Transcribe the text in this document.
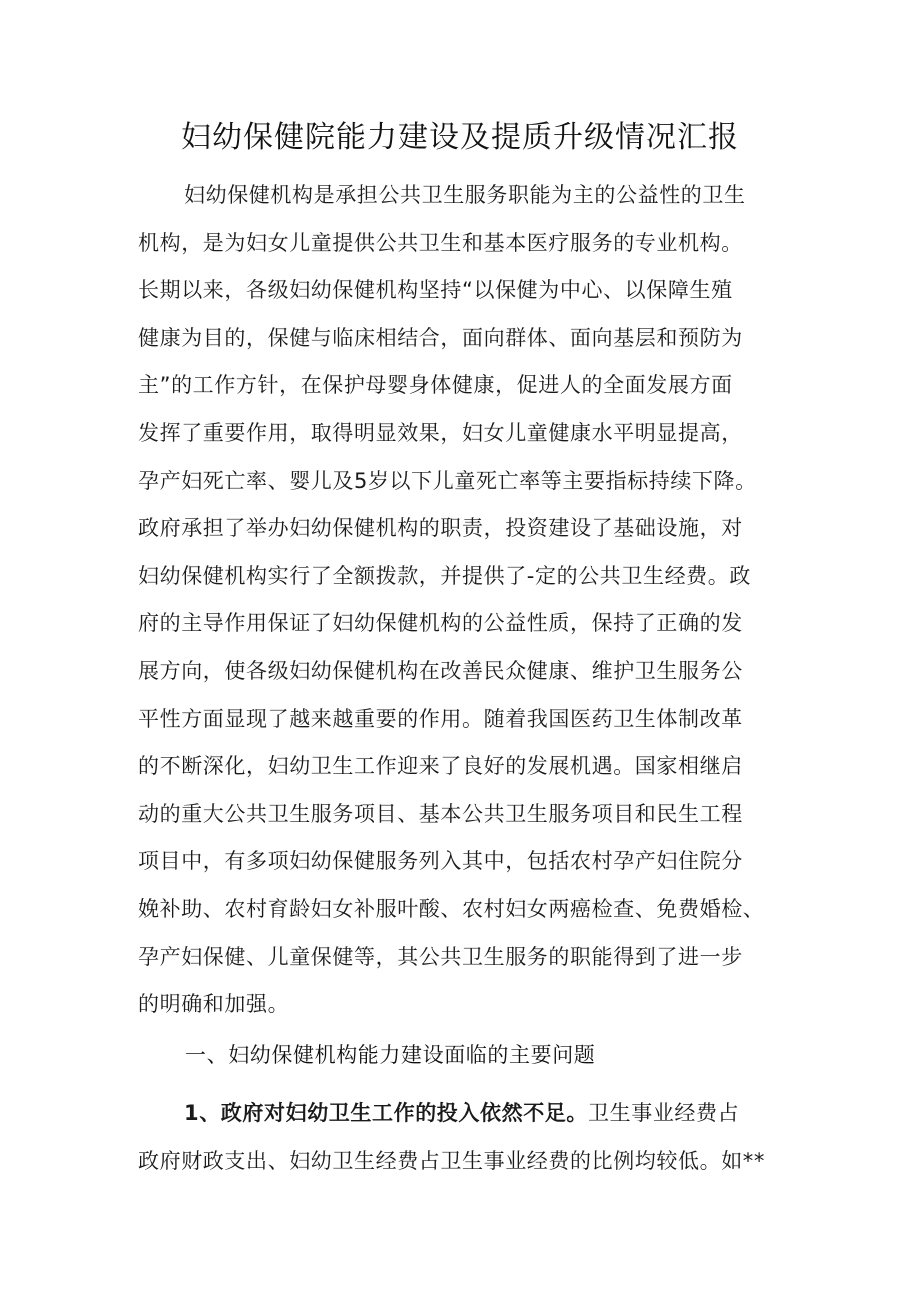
妇幼保健院能力建设及提质升级情况汇报
妇幼保健机构是承担公共卫生服务职能为主的公益性的卫生
机构，是为妇女儿童提供公共卫生和基本医疗服务的专业机构。
长期以来，各级妇幼保健机构坚持“以保健为中心、以保障生殖
健康为目的，保健与临床相结合，面向群体、面向基层和预防为
主”的工作方针，在保护母婴身体健康，促进人的全面发展方面
发挥了重要作用，取得明显效果，妇女儿童健康水平明显提高，
孕产妇死亡率、婴儿及5岁以下儿童死亡率等主要指标持续下降。
政府承担了举办妇幼保健机构的职责，投资建设了基础设施，对
妇幼保健机构实行了全额拨款，并提供了-定的公共卫生经费。政
府的主导作用保证了妇幼保健机构的公益性质，保持了正确的发
展方向，使各级妇幼保健机构在改善民众健康、维护卫生服务公
平性方面显现了越来越重要的作用。随着我国医药卫生体制改革
的不断深化，妇幼卫生工作迎来了良好的发展机遇。国家相继启
动的重大公共卫生服务项目、基本公共卫生服务项目和民生工程
项目中，有多项妇幼保健服务列入其中，包括农村孕产妇住院分
娩补助、农村育龄妇女补服叶酸、农村妇女两癌检查、免费婚检、
孕产妇保健、儿童保健等，其公共卫生服务的职能得到了进一步
的明确和加强。
一、妇幼保健机构能力建设面临的主要问题
1、政府对妇幼卫生工作的投入依然不足。卫生事业经费占
政府财政支出、妇幼卫生经费占卫生事业经费的比例均较低。如**
